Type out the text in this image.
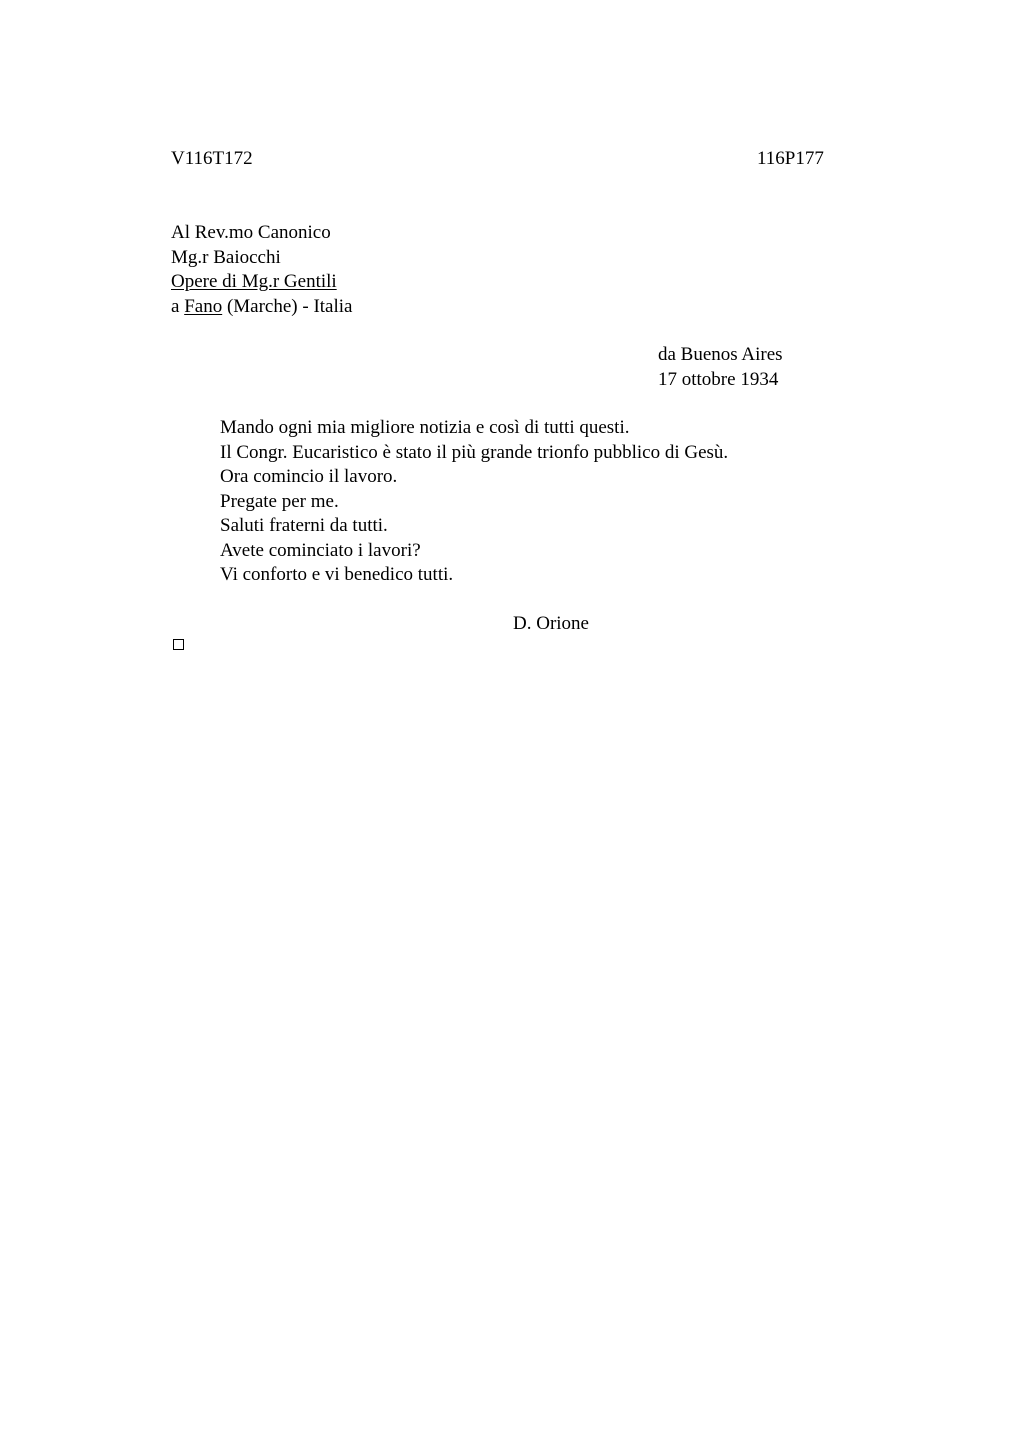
V116T172	116P177
Al Rev.mo Canonico
Mg.r Baiocchi
Opere di Mg.r Gentili
a Fano (Marche) - Italia
da Buenos Aires
17 ottobre 1934
Mando ogni mia migliore notizia e così di tutti questi.
Il Congr. Eucaristico è stato il più grande trionfo pubblico di Gesù.
Ora comincio il lavoro.
Pregate per me.
Saluti fraterni da tutti.
Avete cominciato i lavori?
Vi conforto e vi benedico tutti.
D. Orione
